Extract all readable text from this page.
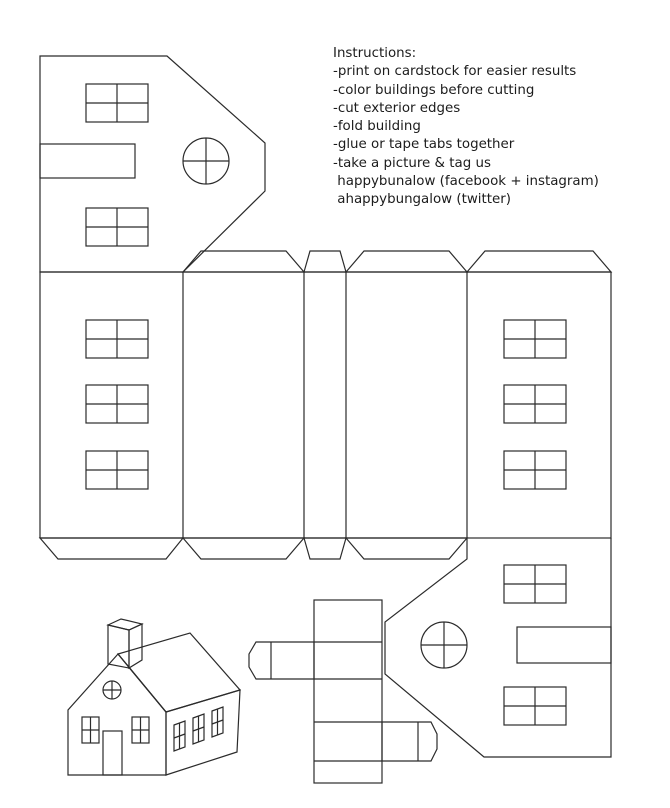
Instructions:
-print on cardstock for easier results
-color buildings before cutting
-cut exterior edges
-fold building
-glue or tape tabs together
-take a picture & tag us
happybunalow (facebook + instagram)
ahappybungalow (twitter)
